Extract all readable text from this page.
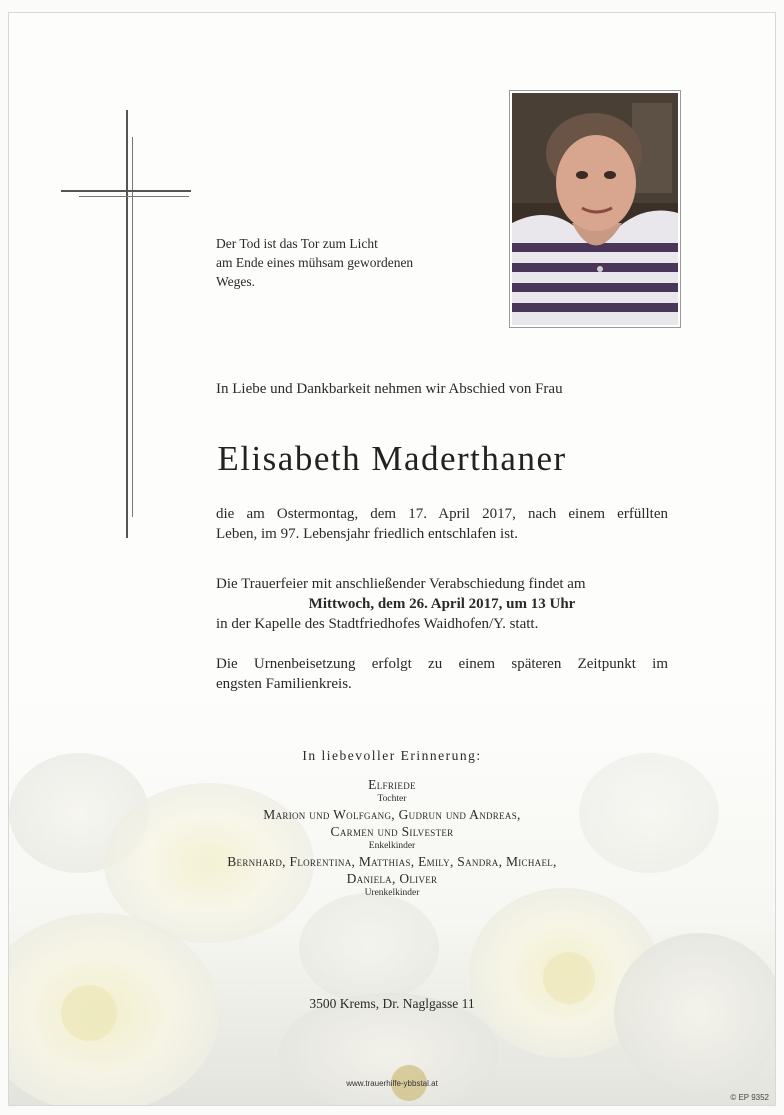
Der Tod ist das Tor zum Licht
am Ende eines mühsam gewordenen
Weges.
In Liebe und Dankbarkeit nehmen wir Abschied von Frau
Elisabeth Maderthaner
die am Ostermontag, dem 17. April 2017, nach einem erfüllten
Leben, im 97. Lebensjahr friedlich entschlafen ist.
Die Trauerfeier mit anschließender Verabschiedung findet am
Mittwoch, dem 26. April 2017, um 13 Uhr
in der Kapelle des Stadtfriedhofes Waidhofen/Y. statt.
Die Urnenbeisetzung erfolgt zu einem späteren Zeitpunkt im
engsten Familienkreis.
In liebevoller Erinnerung:
Elfriede
Tochter
Marion und Wolfgang, Gudrun und Andreas,
Carmen und Silvester
Enkelkinder
Bernhard, Florentina, Matthias, Emily, Sandra, Michael,
Daniela, Oliver
Urenkelkinder
3500 Krems, Dr. Naglgasse 11
www.trauerhilfe-ybbstal.at
© EP 9352
